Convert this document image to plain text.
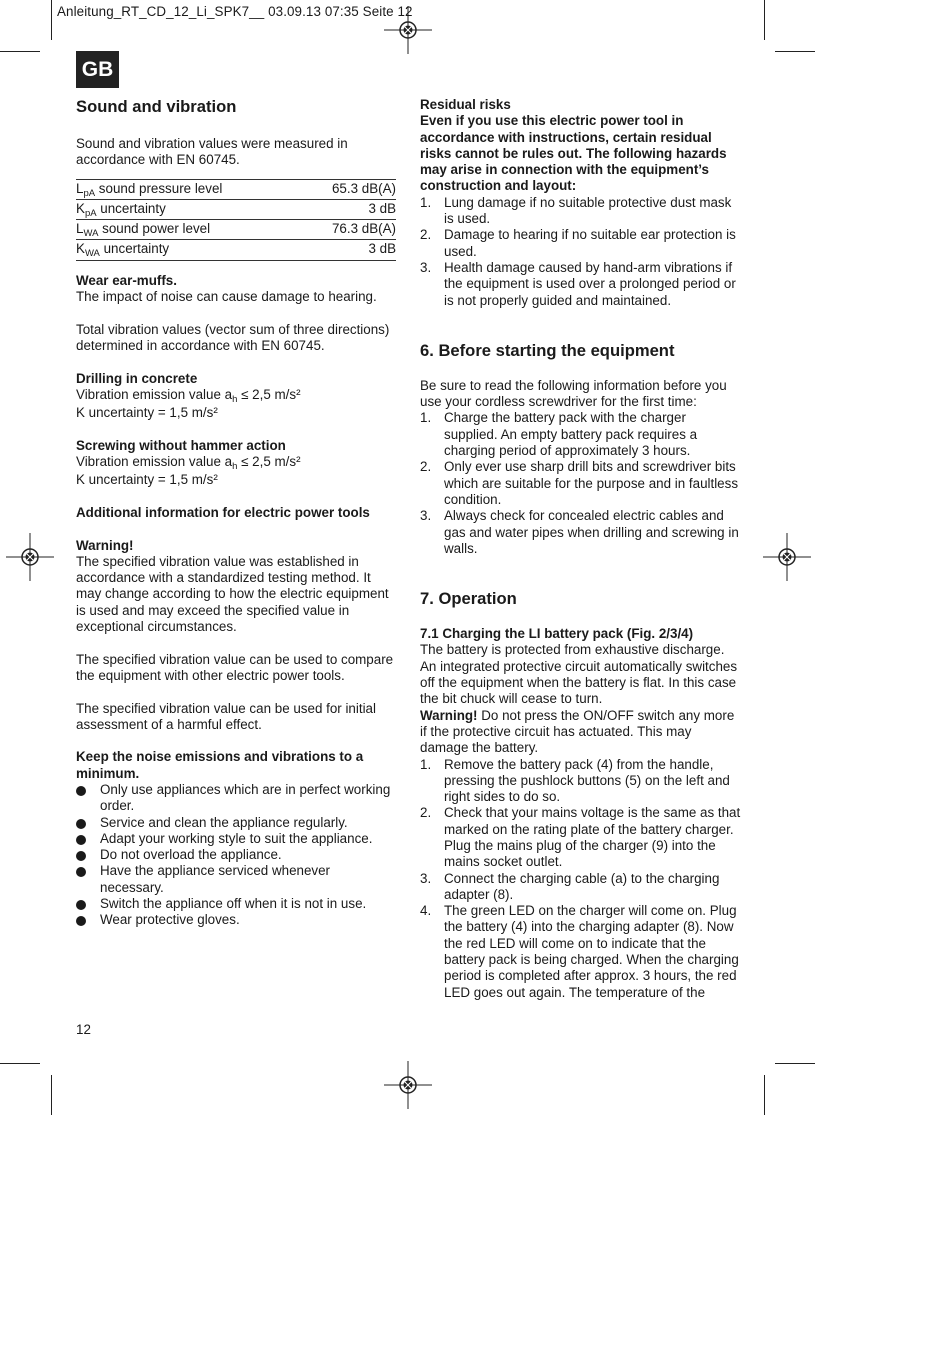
Anleitung_RT_CD_12_Li_SPK7__ 03.09.13 07:35 Seite 12
GB
Sound and vibration

Sound and vibration values were measured in accordance with EN 60745.

$L_{pA}$ sound pressure level	65.3 dB(A)
$K_{pA}$ uncertainty	3 dB
$L_{WA}$ sound power level	76.3 dB(A)
$K_{WA}$ uncertainty	3 dB

Wear ear-muffs.

The impact of noise can cause damage to hearing.

Total vibration values (vector sum of three directions) determined in accordance with EN 60745.

Drilling in concrete

Vibration emission value $a_h \le 2,5$ m/s²

K uncertainty = 1,5 m/s²

Screwing without hammer action

Vibration emission value $a_h \le 2,5$ m/s²

K uncertainty = 1,5 m/s²

Additional information for electric power tools

Warning!

The specified vibration value was established in accordance with a standardized testing method. It may change according to how the electric equipment is used and may exceed the specified value in exceptional circumstances.

The specified vibration value can be used to compare the equipment with other electric power tools.

The specified vibration value can be used for initial assessment of a harmful effect.

Keep the noise emissions and vibrations to a minimum.

Only use appliances which are in perfect working order.
Service and clean the appliance regularly.
Adapt your working style to suit the appliance.
Do not overload the appliance.
Have the appliance serviced whenever necessary.
Switch the appliance off when it is not in use.
Wear protective gloves.

Residual risks

Even if you use this electric power tool in accordance with instructions, certain residual risks cannot be rules out. The following hazards may arise in connection with the equipment’s construction and layout:

1. Lung damage if no suitable protective dust mask is used.
2. Damage to hearing if no suitable ear protection is used.
3. Health damage caused by hand-arm vibrations if the equipment is used over a prolonged period or is not properly guided and maintained.
6. Before starting the equipment

Be sure to read the following information before you use your cordless screwdriver for the first time:

1. Charge the battery pack with the charger supplied. An empty battery pack requires a charging period of approximately 3 hours.
2. Only ever use sharp drill bits and screwdriver bits which are suitable for the purpose and in faultless condition.
3. Always check for concealed electric cables and gas and water pipes when drilling and screwing in walls.
7. Operation

7.1 Charging the LI battery pack (Fig. 2/3/4)

The battery is protected from exhaustive discharge. An integrated protective circuit automatically switches off the equipment when the battery is flat. In this case the bit chuck will cease to turn.

Warning! Do not press the ON/OFF switch any more if the protective circuit has actuated. This may damage the battery.

1. Remove the battery pack (4) from the handle, pressing the pushlock buttons (5) on the left and right sides to do so.
2. Check that your mains voltage is the same as that marked on the rating plate of the battery charger. Plug the mains plug of the charger (9) into the mains socket outlet.
3. Connect the charging cable (a) to the charging adapter (8).
4. The green LED on the charger will come on. Plug the battery (4) into the charging adapter (8). Now the red LED will come on to indicate that the battery pack is being charged. When the charging period is completed after approx. 3 hours, the red LED goes out again. The temperature of the
12
